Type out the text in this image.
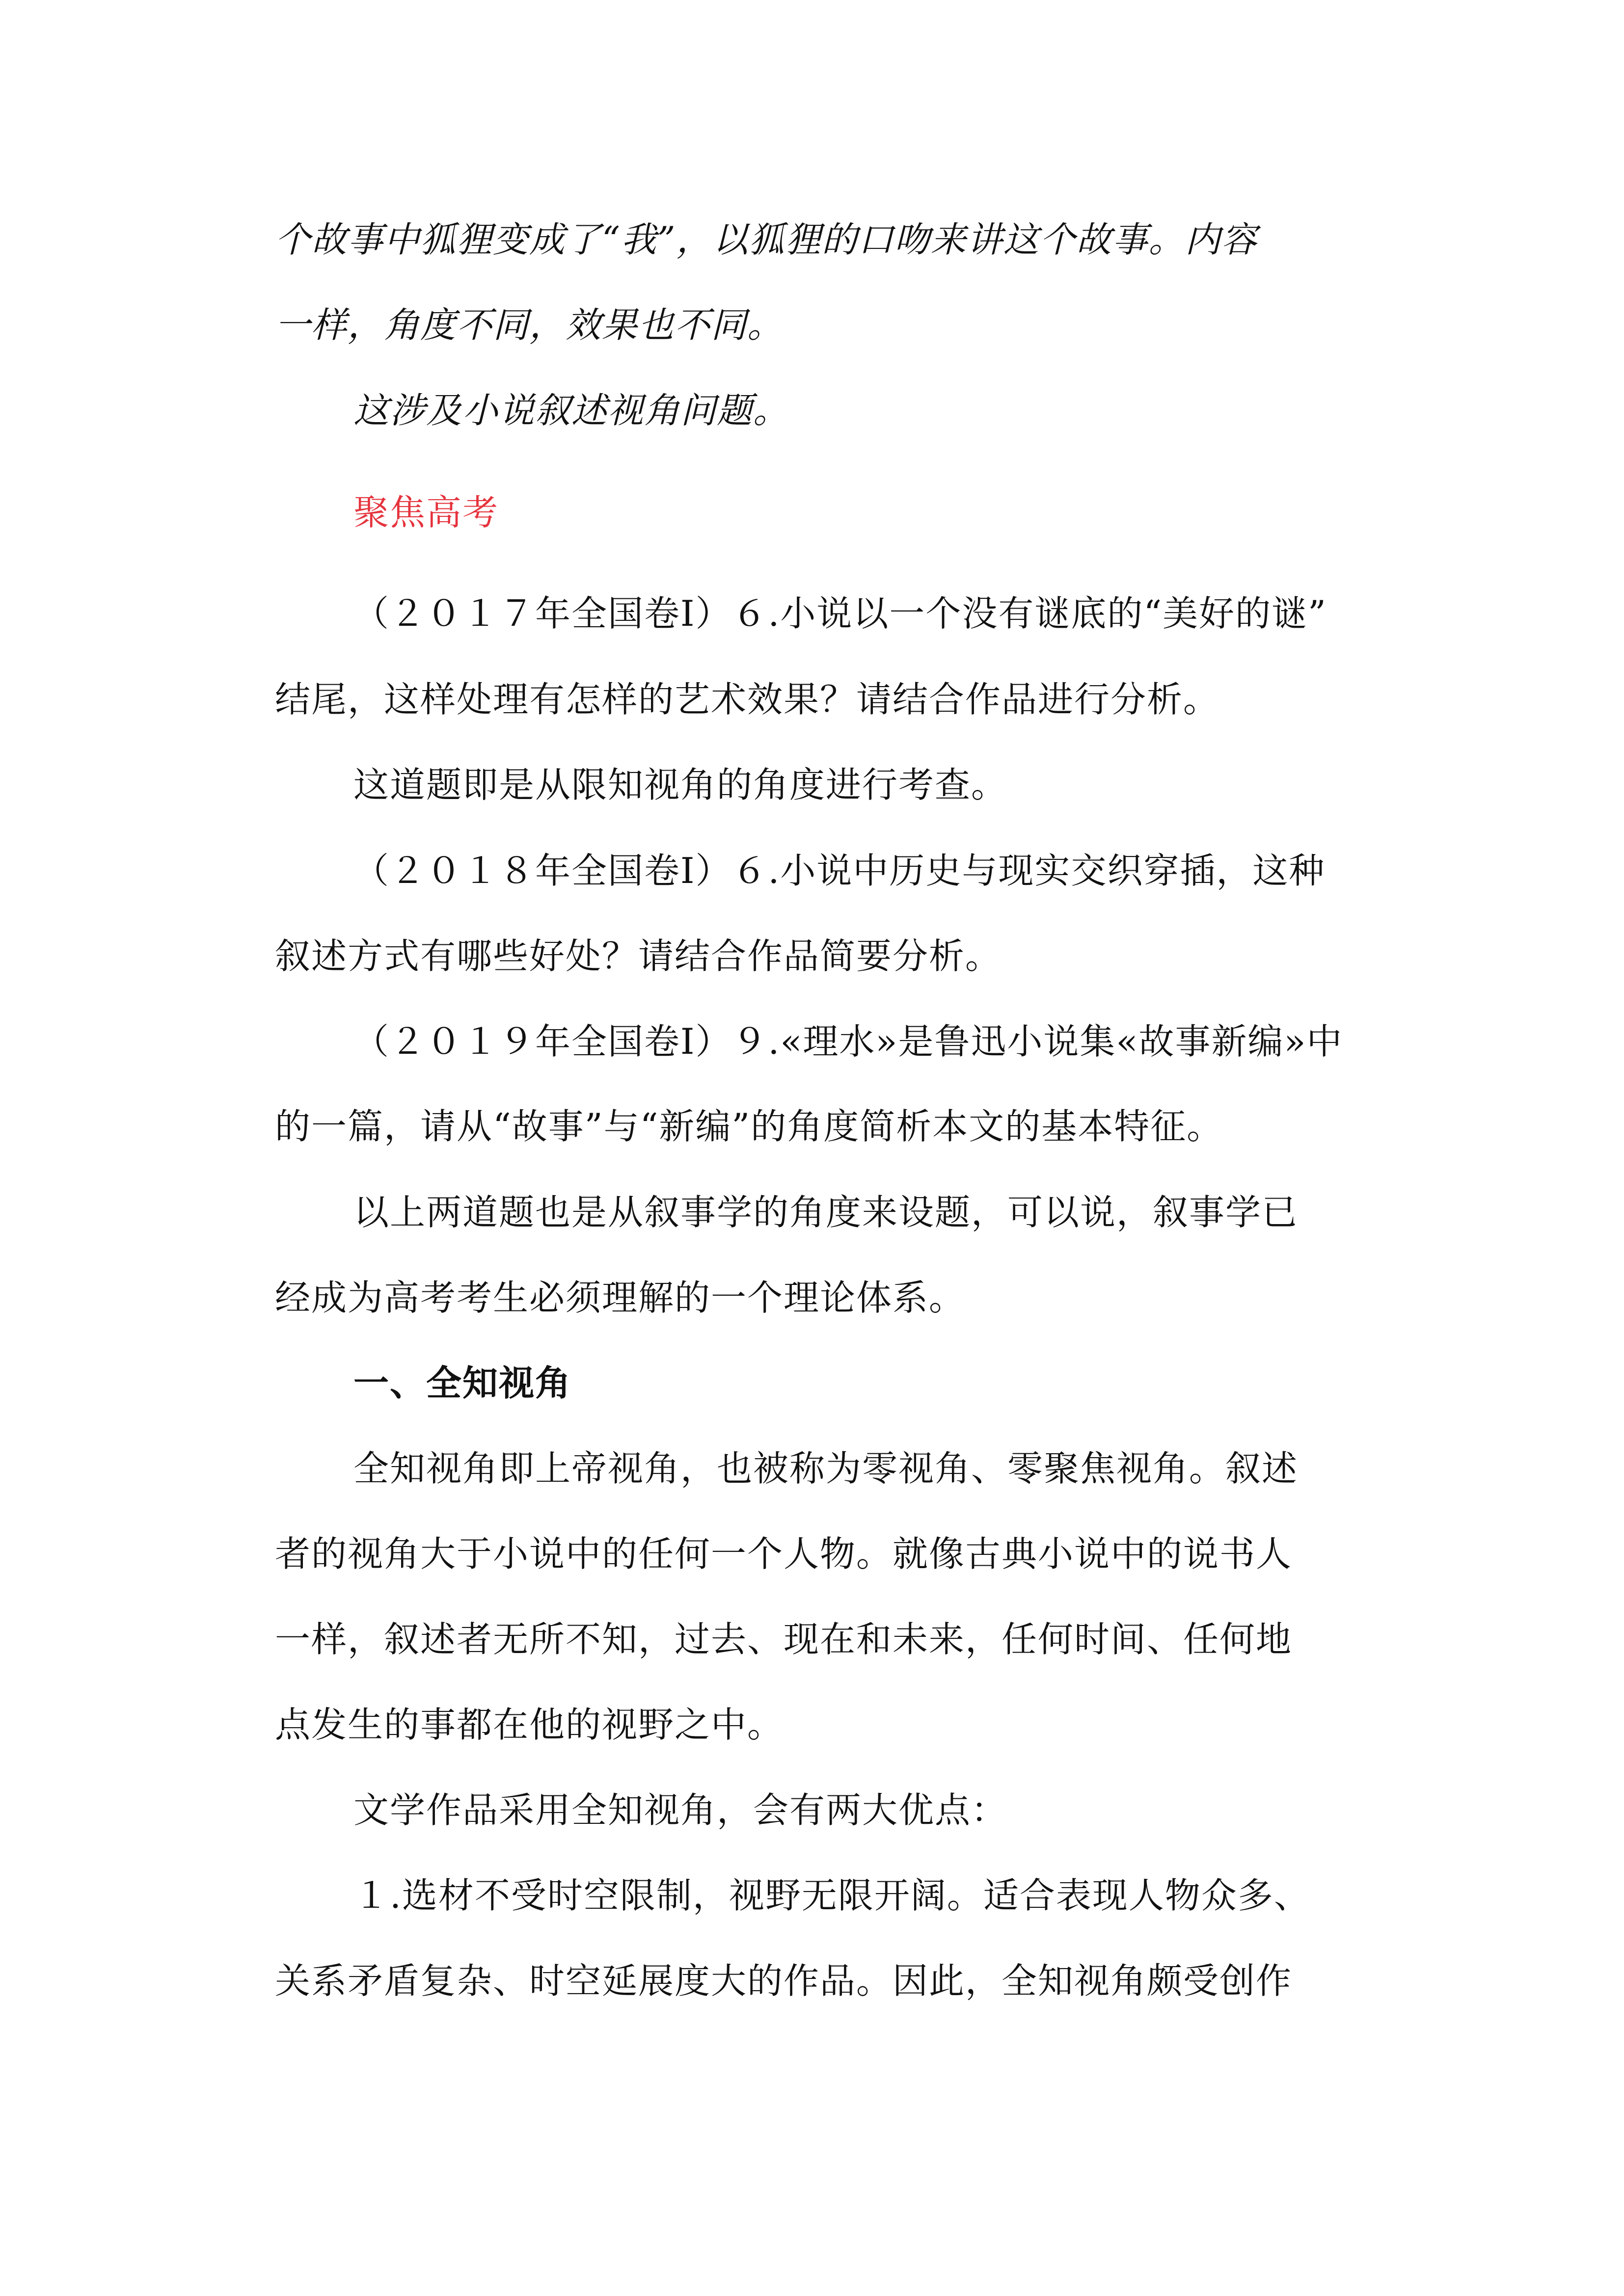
个故事中狐狸变成了“我”，以狐狸的口吻来讲这个故事。内容
一样，角度不同，效果也不同。
这涉及小说叙述视角问题。
聚焦高考
（２０１７年全国卷Ⅰ）６.小说以一个没有谜底的“美好的谜”
结尾，这样处理有怎样的艺术效果？请结合作品进行分析。
这道题即是从限知视角的角度进行考查。
（２０１８年全国卷Ⅰ）６.小说中历史与现实交织穿插，这种
叙述方式有哪些好处？请结合作品简要分析。
（２０１９年全国卷Ⅰ）９.«理水»是鲁迅小说集«故事新编»中
的一篇，请从“故事”与“新编”的角度简析本文的基本特征。
以上两道题也是从叙事学的角度来设题，可以说，叙事学已
经成为高考考生必须理解的一个理论体系。
一、全知视角
全知视角即上帝视角，也被称为零视角、零聚焦视角。叙述
者的视角大于小说中的任何一个人物。就像古典小说中的说书人
一样，叙述者无所不知，过去、现在和未来，任何时间、任何地
点发生的事都在他的视野之中。
文学作品采用全知视角，会有两大优点：
１.选材不受时空限制，视野无限开阔。适合表现人物众多、
关系矛盾复杂、时空延展度大的作品。因此，全知视角颇受创作
